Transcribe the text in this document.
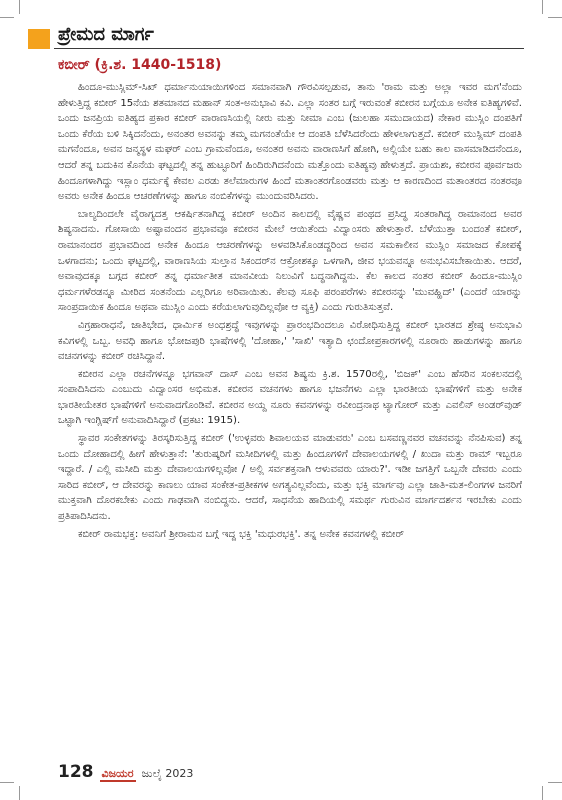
ಪ್ರೇಮದ ಮಾರ್ಗ
ಕಬೀರ್ (ಕ್ರಿ.ಶ. 1440-1518)

ಹಿಂದೂ-ಮುಸ್ಲಿಮ್-ಸಿಖ್ ಧರ್ಮಾನುಯಾಯಿಗಳಿಂದ ಸಮಾನವಾಗಿ ಗೌರವಿಸಲ್ಪಡುವ, ತಾನು 'ರಾಮ ಮತ್ತು ಅಲ್ಲಾ ಇವರ ಮಗ'ನೆಂದು ಹೇಳುತ್ತಿದ್ದ ಕಬೀರ್ 15ನೆಯ ಶತಮಾನದ ಮಹಾನ್ ಸಂತ-ಅನುಭಾವಿ ಕವಿ. ಎಲ್ಲಾ ಸಂತರ ಬಗ್ಗೆ ಇರುವಂತೆ ಕಬೀರನ ಬಗ್ಗೆಯೂ ಅನೇಕ ಐತಿಹ್ಯಗಳಿವೆ. ಒಂದು ಜನಪ್ರಿಯ ಐತಿಹ್ಯದ ಪ್ರಕಾರ ಕಬೀರ್ ವಾರಾಣಸಿಯಲ್ಲಿ ನೀರು ಮತ್ತು ನೀಮಾ ಎಂಬ (ಜುಲಹಾ ಸಮುದಾಯದ) ನೇಕಾರ ಮುಸ್ಲಿಂ ದಂಪತಿಗೆ ಒಂದು ಕೆರೆಯ ಬಳಿ ಸಿಕ್ಕಿದನೆಂದು, ಅನಂತರ ಅವನನ್ನು ತಮ್ಮ ಮಗನಂತೆಯೇ ಆ ದಂಪತಿ ಬೆಳೆಸಿದರೆಂದು ಹೇಳಲಾಗುತ್ತದೆ. ಕಬೀರ್ ಮುಸ್ಲಿಮ್ ದಂಪತಿ ಮಗನೆಂದೂ, ಅವನ ಜನ್ಮಸ್ಥಳ ಮಘರ್ ಎಂಬ ಗ್ರಾಮವೆಂದೂ, ಅನಂತರ ಅವನು ವಾರಾಣಸಿಗೆ ಹೋಗಿ, ಅಲ್ಲಿಯೇ ಬಹು ಕಾಲ ವಾಸಮಾಡಿದನೆಂದೂ, ಆದರೆ ತನ್ನ ಬದುಕಿನ ಕೊನೆಯ ಘಟ್ಟದಲ್ಲಿ ತನ್ನ ಹುಟ್ಟೂರಿಗೆ ಹಿಂದಿರುಗಿದನೆಂದು ಮತ್ತೊಂದು ಐತಿಹ್ಯವು ಹೇಳುತ್ತದೆ. ಪ್ರಾಯಶಃ, ಕಬೀರನ ಪೂರ್ವಜರು ಹಿಂದೂಗಳಾಗಿದ್ದು ಇಸ್ಲಾಂ ಧರ್ಮಕ್ಕೆ ಕೇವಲ ಎರಡು ತಲೆಮಾರುಗಳ ಹಿಂದೆ ಮತಾಂತರಗೊಂಡವರು ಮತ್ತು ಆ ಕಾರಣದಿಂದ ಮತಾಂತರದ ನಂತರವೂ ಅವರು ಅನೇಕ ಹಿಂದೂ ಆಚರಣೆಗಳನ್ನು ಹಾಗೂ ನಂಬಿಕೆಗಳನ್ನು ಮುಂದುವರಿಸಿದರು.

ಬಾಲ್ಯದಿಂದಲೇ ವೈರಾಗ್ಯದತ್ತ ಆಕರ್ಷಿತನಾಗಿದ್ದ ಕಬೀರ್ ಅಂದಿನ ಕಾಲದಲ್ಲಿ ವೈಷ್ಣವ ಪಂಥದ ಪ್ರಸಿದ್ಧ ಸಂತರಾಗಿದ್ದ ರಾಮಾನಂದ ಅವರ ಶಿಷ್ಯನಾದನು. ಗೋಸಾಯಿ ಅಷ್ಟಾವಂದನ ಪ್ರಭಾವವೂ ಕಬೀರನ ಮೇಲೆ ಆಯಿತೆಂದು ವಿದ್ವಾಂಸರು ಹೇಳುತ್ತಾರೆ. ಬೆಳೆಯುತ್ತಾ ಬಂದಂತೆ ಕಬೀರ್, ರಾಮಾನಂದರ ಪ್ರಭಾವದಿಂದ ಅನೇಕ ಹಿಂದೂ ಆಚರಣೆಗಳನ್ನು ಅಳವಡಿಸಿಕೊಂಡದ್ದರಿಂದ ಅವನ ಸಮಕಾಲೀನ ಮುಸ್ಲಿಂ ಸಮಾಜದ ಕೋಪಕ್ಕೆ ಒಳಗಾದನು; ಒಂದು ಘಟ್ಟದಲ್ಲಿ, ವಾರಾಣಸಿಯ ಸುಲ್ತಾನ ಸಿಕಂದರ್‌ನ ಆಕ್ರೋಶಕ್ಕೂ ಒಳಗಾಗಿ, ಜೀವ ಭಯವನ್ನೂ ಅನುಭವಿಸಬೇಕಾಯಿತು. ಆದರೆ, ಅವಾವುದಕ್ಕೂ ಬಗ್ಗದ ಕಬೀರ್ ತನ್ನ ಧರ್ಮಾತೀತ ಮಾನವೀಯ ನಿಲುವಿಗೆ ಬದ್ಧನಾಗಿದ್ದನು. ಕೆಲ ಕಾಲದ ನಂತರ ಕಬೀರ್ ಹಿಂದೂ-ಮುಸ್ಲಿಂ ಧರ್ಮಗಳೆರಡನ್ನೂ ಮೀರಿದ ಸಂತನೆಂದು ಎಲ್ಲರಿಗೂ ಅರಿವಾಯಿತು. ಕೆಲವು ಸೂಫಿ ಪರಂಪರೆಗಳು ಕಬೀರನನ್ನು 'ಮುವಹ್ಹಿದ್' (ಎಂದರೆ ಯಾರನ್ನು ಸಾಂಪ್ರದಾಯಿಕ ಹಿಂದೂ ಅಥವಾ ಮುಸ್ಲಿಂ ಎಂದು ಕರೆಯಲಾಗುವುದಿಲ್ಲವೋ ಆ ವ್ಯಕ್ತಿ) ಎಂದು ಗುರುತಿಸುತ್ತವೆ.

ವಿಗ್ರಹಾರಾಧನೆ, ಜಾತಿಭೇದ, ಧಾರ್ಮಿಕ ಅಂಧಶ್ರದ್ಧೆ ಇವುಗಳನ್ನು ಪ್ರಾರಂಭದಿಂದಲೂ ವಿರೋಧಿಸುತ್ತಿದ್ದ ಕಬೀರ್ ಭಾರತದ ಶ್ರೇಷ್ಠ ಅನುಭಾವಿ ಕವಿಗಳಲ್ಲಿ ಒಬ್ಬ. ಅವಧಿ ಹಾಗೂ ಭೋಜಪುರಿ ಭಾಷೆಗಳಲ್ಲಿ 'ದೋಹಾ,' 'ಸಾಖಿ' ಇತ್ಯಾದಿ ಛಂದೋಪ್ರಕಾರಗಳಲ್ಲಿ ನೂರಾರು ಹಾಡುಗಳನ್ನು ಹಾಗೂ ವಚನಗಳನ್ನು ಕಬೀರ್ ರಚಿಸಿದ್ದಾನೆ.

ಕಬೀರನ ಎಲ್ಲಾ ರಚನೆಗಳನ್ನೂ ಭಗವಾನ್ ದಾಸ್ ಎಂಬ ಅವನ ಶಿಷ್ಯನು ಕ್ರಿ.ಶ. 1570ರಲ್ಲಿ, 'ಬಿಜಕ್' ಎಂಬ ಹೆಸರಿನ ಸಂಕಲನದಲ್ಲಿ ಸಂಪಾದಿಸಿದನು ಎಂಬುದು ವಿದ್ವಾಂಸರ ಅಭಿಮತ. ಕಬೀರನ ವಚನಗಳು ಹಾಗೂ ಭಜನೆಗಳು ಎಲ್ಲಾ ಭಾರತೀಯ ಭಾಷೆಗಳಿಗೆ ಮತ್ತು ಅನೇಕ ಭಾರತೀಯೇತರ ಭಾಷೆಗಳಿಗೆ ಅನುವಾದಗೊಂಡಿವೆ. ಕಬೀರನ ಅಯ್ದ ನೂರು ಕವನಗಳನ್ನು ರವೀಂದ್ರನಾಥ ಟ್ಯಾಗೋರ್ ಮತ್ತು ಎವಲಿನ್ ಅಂಡರ್‌ವುಡ್ ಒಟ್ಟಾಗಿ ಇಂಗ್ಲಿಷ್‌ಗೆ ಅನುವಾದಿಸಿದ್ದಾರೆ (ಪ್ರಕಟ: 1915).

ಸ್ಥಾವರ ಸಂಕೇತಗಳನ್ನು ತಿರಸ್ಕರಿಸುತ್ತಿದ್ದ ಕಬೀರ್ ('ಉಳ್ಳವರು ಶಿವಾಲಯವ ಮಾಡುವರು' ಎಂಬ ಬಸವಣ್ಣನವರ ವಚನವನ್ನು ನೆನಪಿಸುವ) ತನ್ನ ಒಂದು ದೋಹಾದಲ್ಲಿ ಹೀಗೆ ಹೇಳುತ್ತಾನೆ: 'ತುರುಷ್ಕರಿಗೆ ಮಸೀದಿಗಳಲ್ಲಿ ಮತ್ತು ಹಿಂದೂಗಳಿಗೆ ದೇವಾಲಯಗಳಲ್ಲಿ / ಖುದಾ ಮತ್ತು ರಾಮ್ ಇಬ್ಬರೂ ಇದ್ದಾರೆ. / ಎಲ್ಲಿ ಮಸೀದಿ ಮತ್ತು ದೇವಾಲಯಗಳಿಲ್ಲವೋ / ಅಲ್ಲಿ ಸರ್ವಶಕ್ತನಾಗಿ ಆಳುವವರು ಯಾರು?'. ಇಡೀ ಜಗತ್ತಿಗೆ ಒಬ್ಬನೇ ದೇವರು ಎಂದು ಸಾರಿದ ಕಬೀರ್, ಆ ದೇವರನ್ನು ಕಾಣಲು ಯಾವ ಸಂಕೇತ-ಪ್ರತೀಕಗಳ ಅಗತ್ಯವಿಲ್ಲವೆಂದು, ಮತ್ತು ಭಕ್ತಿ ಮಾರ್ಗವು ಎಲ್ಲಾ ಜಾತಿ-ಮತ-ಲಿಂಗಗಳ ಜನರಿಗೆ ಮುಕ್ತವಾಗಿ ದೊರಕಬೇಕು ಎಂದು ಗಾಢವಾಗಿ ನಂಬಿದ್ದನು. ಆದರೆ, ಸಾಧನೆಯ ಹಾದಿಯಲ್ಲಿ ಸಮರ್ಥ ಗುರುವಿನ ಮಾರ್ಗದರ್ಶನ ಇರಬೇಕು ಎಂದು ಪ್ರತಿಪಾದಿಸಿದನು.

ಕಬೀರ್ ರಾಮಭಕ್ತ: ಅವನಿಗೆ ಶ್ರೀರಾಮನ ಬಗ್ಗೆ ಇದ್ದ ಭಕ್ತಿ 'ಮಧುರಭಕ್ತಿ'. ತನ್ನ ಅನೇಕ ಕವನಗಳಲ್ಲಿ ಕಬೀರ್

128 ವಿಜಯರ ಜುಲೈ 2023
